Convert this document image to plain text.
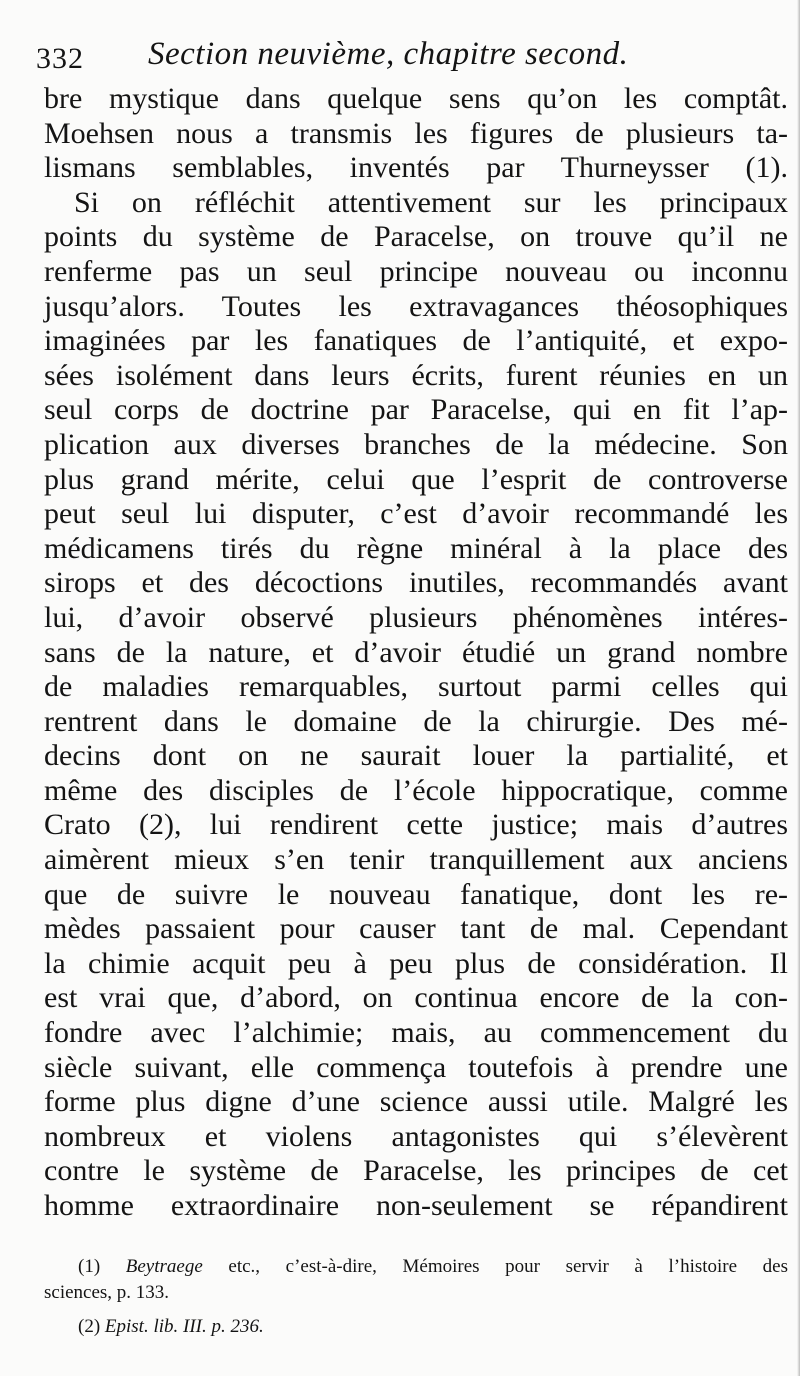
332 Section neuvième, chapitre second.
bre mystique dans quelque sens qu’on les comptât.
Moehsen nous a transmis les figures de plusieurs ta-
lismans semblables, inventés par Thurneysser (1).
Si on réfléchit attentivement sur les principaux
points du système de Paracelse, on trouve qu’il ne
renferme pas un seul principe nouveau ou inconnu
jusqu’alors. Toutes les extravagances théosophiques
imaginées par les fanatiques de l’antiquité, et expo-
sées isolément dans leurs écrits, furent réunies en un
seul corps de doctrine par Paracelse, qui en fit l’ap-
plication aux diverses branches de la médecine. Son
plus grand mérite, celui que l’esprit de controverse
peut seul lui disputer, c’est d’avoir recommandé les
médicamens tirés du règne minéral à la place des
sirops et des décoctions inutiles, recommandés avant
lui, d’avoir observé plusieurs phénomènes intéres-
sans de la nature, et d’avoir étudié un grand nombre
de maladies remarquables, surtout parmi celles qui
rentrent dans le domaine de la chirurgie. Des mé-
decins dont on ne saurait louer la partialité, et
même des disciples de l’école hippocratique, comme
Crato (2), lui rendirent cette justice; mais d’autres
aimèrent mieux s’en tenir tranquillement aux anciens
que de suivre le nouveau fanatique, dont les re-
mèdes passaient pour causer tant de mal. Cependant
la chimie acquit peu à peu plus de considération. Il
est vrai que, d’abord, on continua encore de la con-
fondre avec l’alchimie; mais, au commencement du
siècle suivant, elle commença toutefois à prendre une
forme plus digne d’une science aussi utile. Malgré les
nombreux et violens antagonistes qui s’élevèrent
contre le système de Paracelse, les principes de cet
homme extraordinaire non-seulement se répandirent
(1) Beytraege etc., c’est-à-dire, Mémoires pour servir à l’histoire des
sciences, p. 133.
(2) Epist. lib. III. p. 236.
